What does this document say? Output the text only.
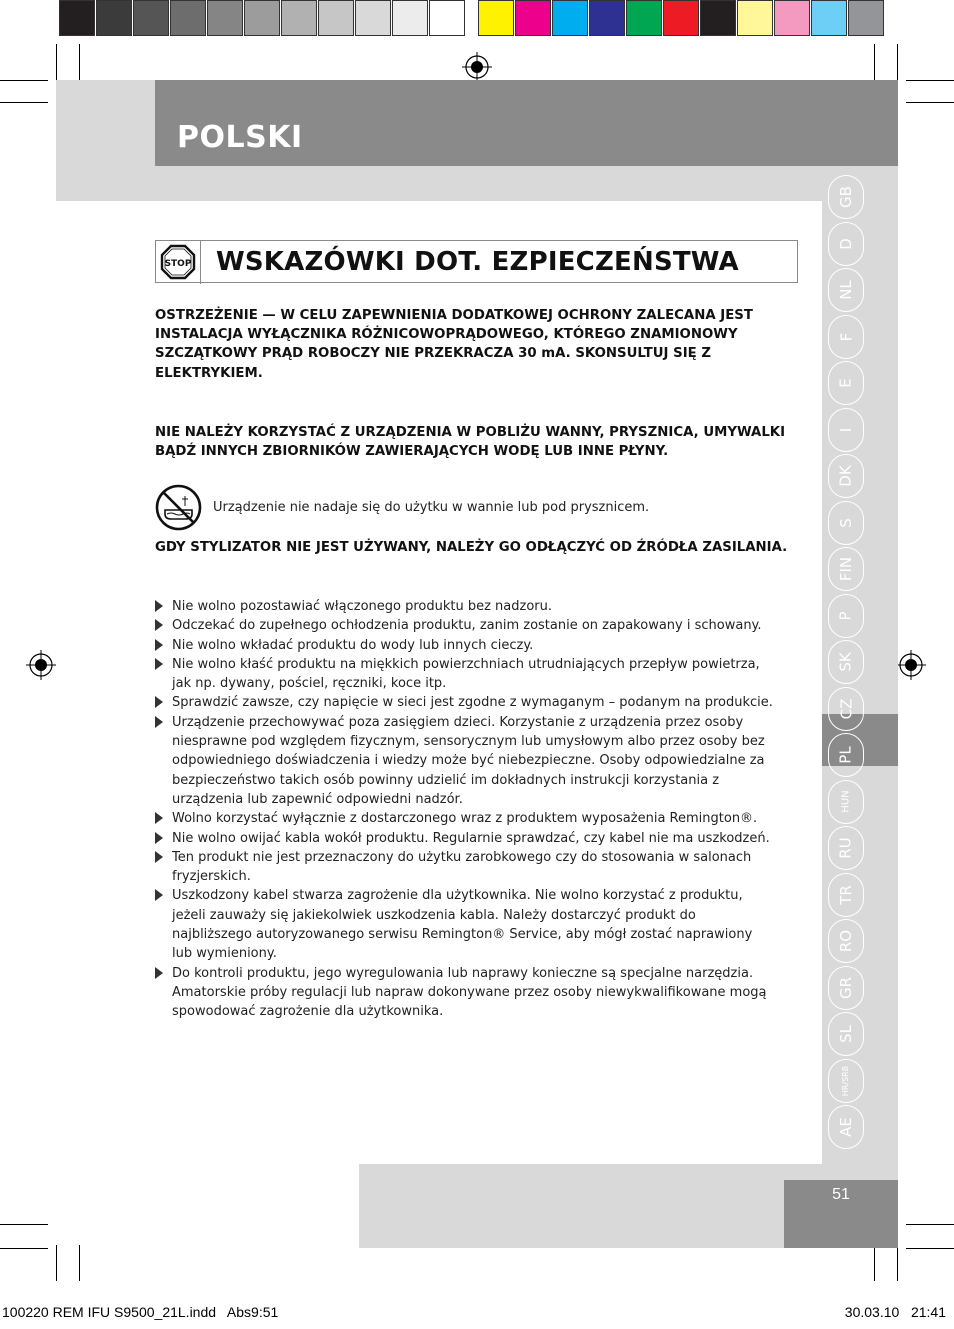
POLSKI
GB
D
NL
F
E
I
DK
S
FIN
P
SK
CZ
PL
HUN
RU
TR
RO
GR
SL
HR/SRB
AE
STOP WSKAZÓWKI DOT. EZPIECZEŃSTWA
OSTRZEŻENIE — W CELU ZAPEWNIENIA DODATKOWEJ OCHRONY ZALECANA JEST INSTALACJA WYŁĄCZNIKA RÓŻNICOWOPRĄDOWEGO, KTÓREGO ZNAMIONOWY SZCZĄTKOWY PRĄD ROBOCZY NIE PRZEKRACZA 30 mA. SKONSULTUJ SIĘ Z ELEKTRYKIEM.
NIE NALEŻY KORZYSTAĆ Z URZĄDZENIA W POBLIŻU WANNY, PRYSZNICA, UMYWALKI BĄDŹ INNYCH ZBIORNIKÓW ZAWIERAJĄCYCH WODĘ LUB INNE PŁYNY.
Urządzenie nie nadaje się do użytku w wannie lub pod prysznicem.
GDY STYLIZATOR NIE JEST UŻYWANY, NALEŻY GO ODŁĄCZYĆ OD ŹRÓDŁA ZASILANIA.
Nie wolno pozostawiać włączonego produktu bez nadzoru.
Odczekać do zupełnego ochłodzenia produktu, zanim zostanie on zapakowany i schowany.
Nie wolno wkładać produktu do wody lub innych cieczy.
Nie wolno kłaść produktu na miękkich powierzchniach utrudniających przepływ powietrza, jak np. dywany, pościel, ręczniki, koce itp.
Sprawdzić zawsze, czy napięcie w sieci jest zgodne z wymaganym – podanym na produkcie.
Urządzenie przechowywać poza zasięgiem dzieci. Korzystanie z urządzenia przez osoby niesprawne pod względem fizycznym, sensorycznym lub umysłowym albo przez osoby bez odpowiedniego doświadczenia i wiedzy może być niebezpieczne. Osoby odpowiedzialne za bezpieczeństwo takich osób powinny udzielić im dokładnych instrukcji korzystania z urządzenia lub zapewnić odpowiedni nadzór.
Wolno korzystać wyłącznie z dostarczonego wraz z produktem wyposażenia Remington®.
Nie wolno owijać kabla wokół produktu. Regularnie sprawdzać, czy kabel nie ma uszkodzeń.
Ten produkt nie jest przeznaczony do użytku zarobkowego czy do stosowania w salonach fryzjerskich.
Uszkodzony kabel stwarza zagrożenie dla użytkownika. Nie wolno korzystać z produktu, jeżeli zauważy się jakiekolwiek uszkodzenia kabla. Należy dostarczyć produkt do najbliższego autoryzowanego serwisu Remington® Service, aby mógł zostać naprawiony lub wymieniony.
Do kontroli produktu, jego wyregulowania lub naprawy konieczne są specjalne narzędzia. Amatorskie próby regulacji lub napraw dokonywane przez osoby niewykwalifikowane mogą spowodować zagrożenie dla użytkownika.
51
100220 REM IFU S9500_21L.indd   Abs9:51	30.03.10   21:41
